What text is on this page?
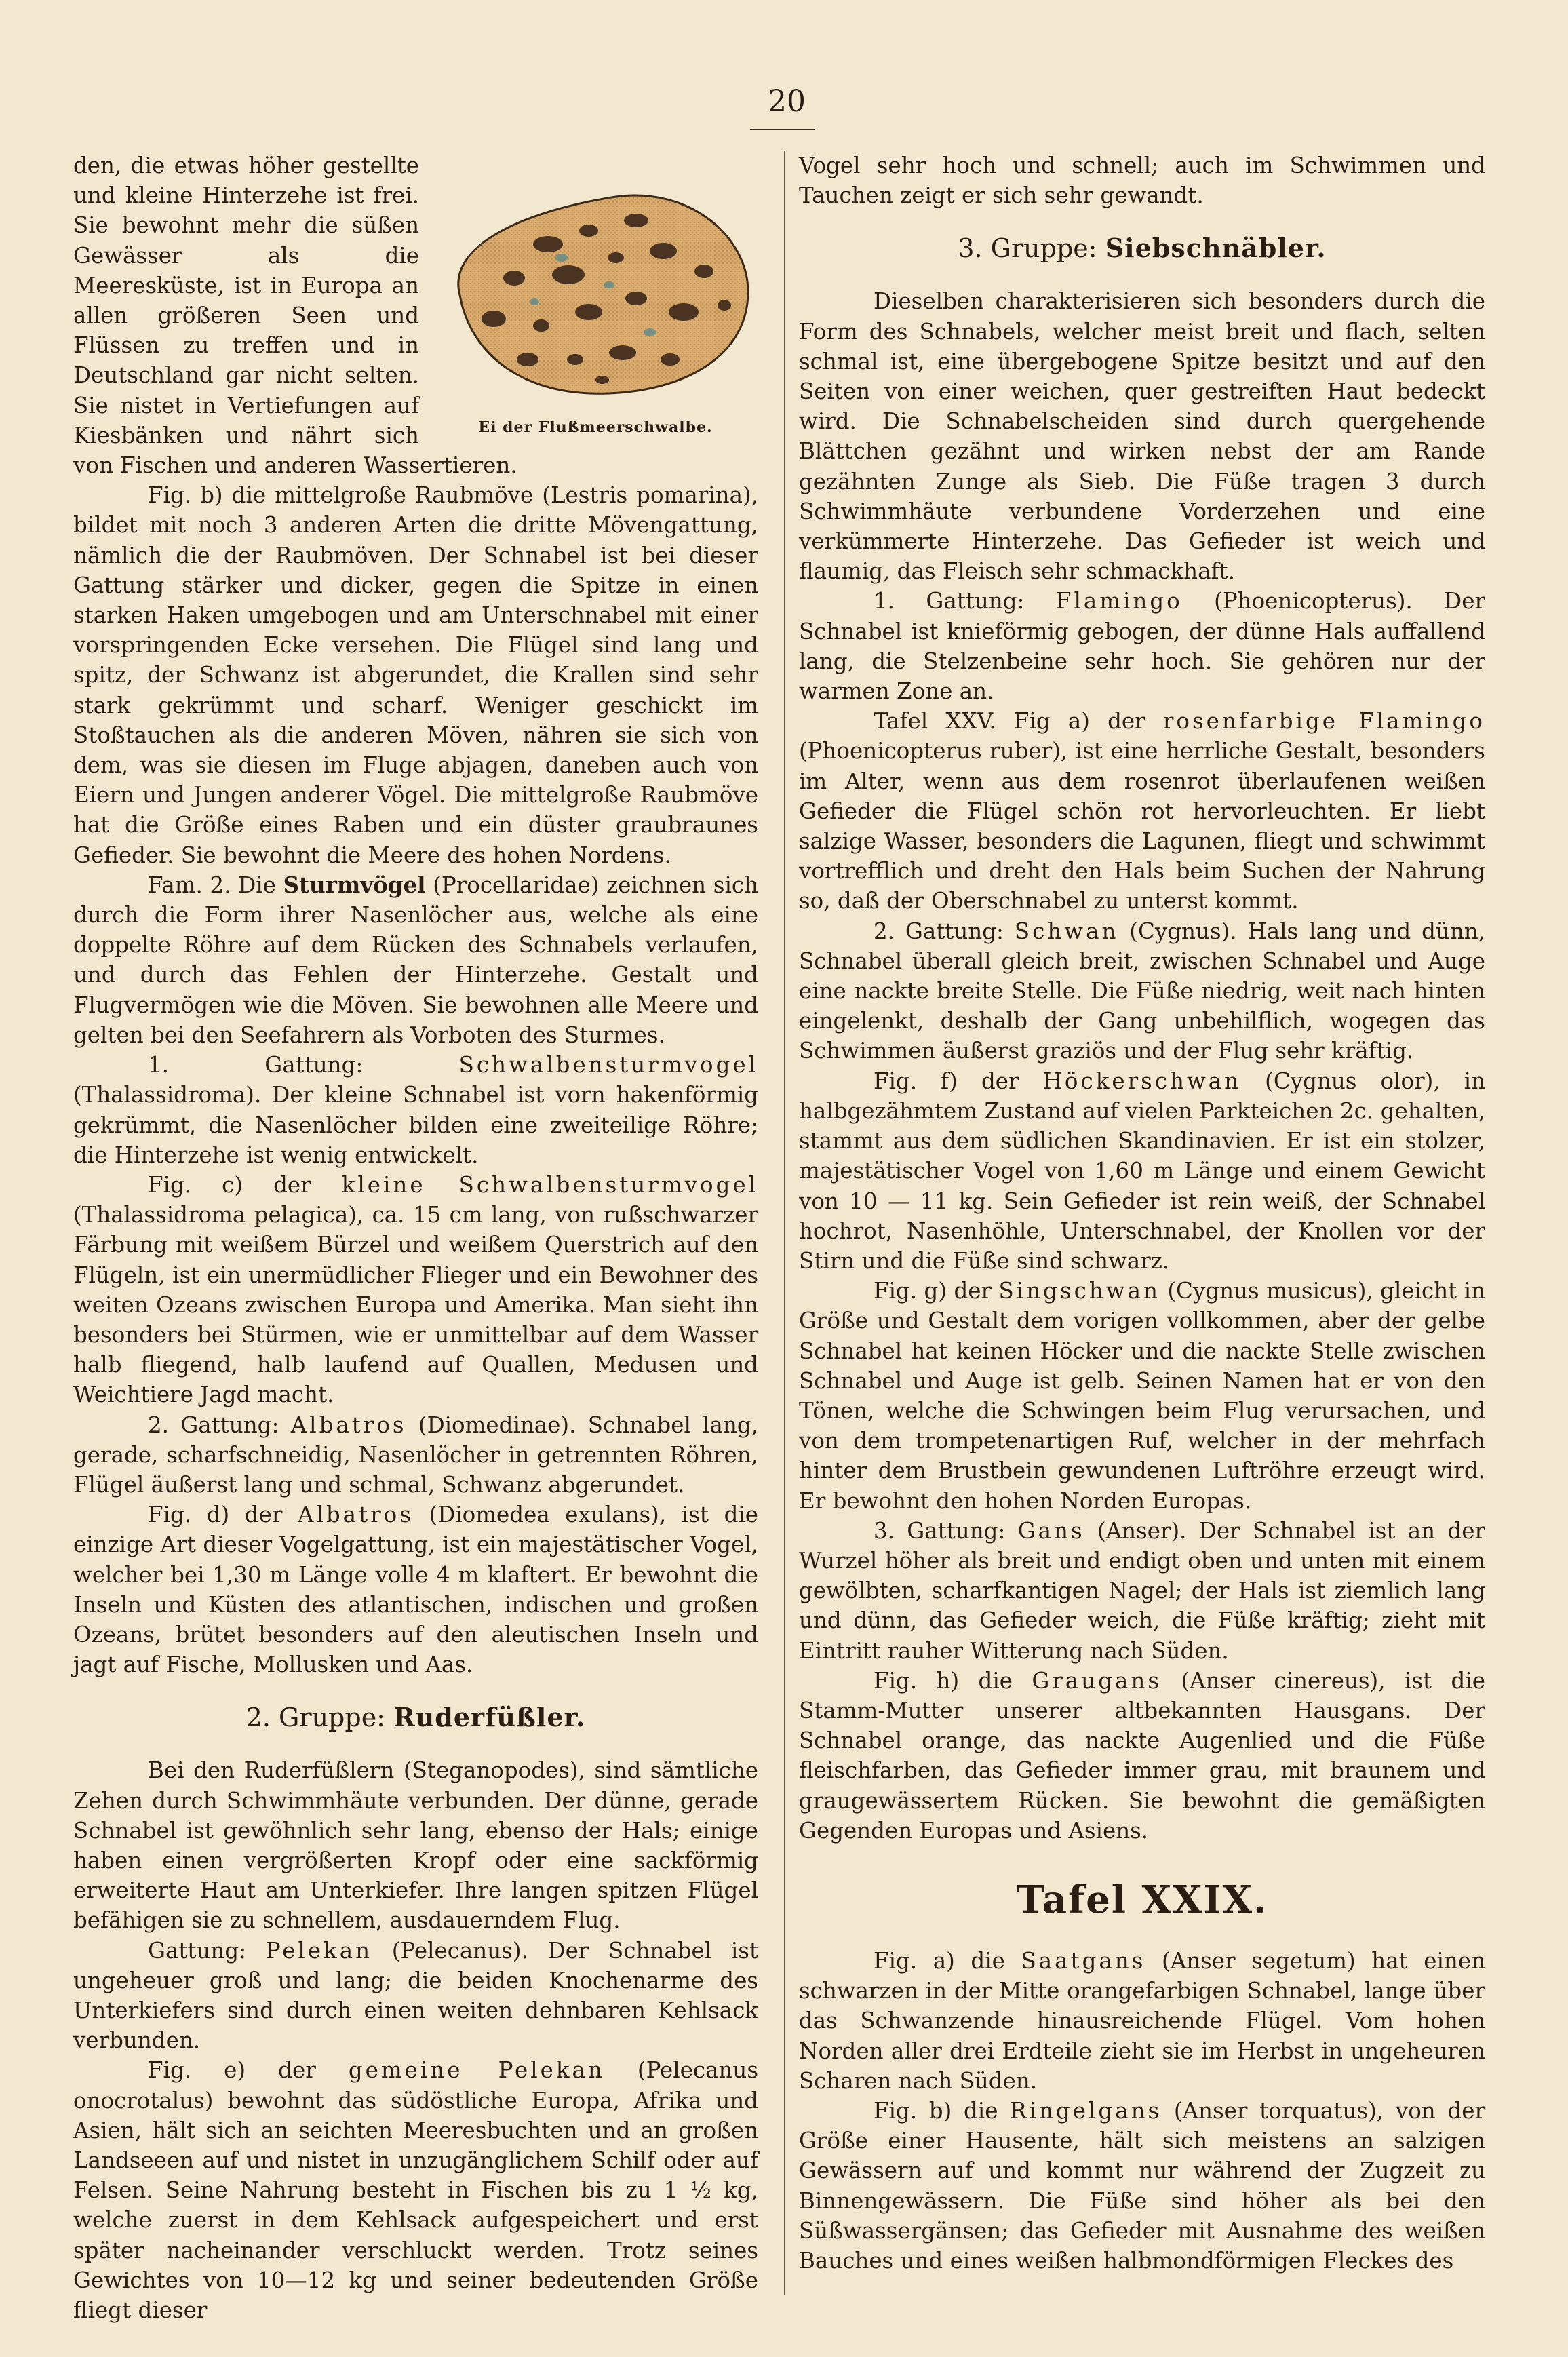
20
Ei der Flußmeerschwalbe.

den, die etwas höher gestellte und kleine Hinterzehe ist frei. Sie bewohnt mehr die süßen Gewässer als die Meeresküste, ist in Europa an allen größeren Seen und Flüssen zu treffen und in Deutschland gar nicht selten. Sie nistet in Vertiefungen auf Kiesbänken und nährt sich von Fischen und anderen Wassertieren.

Fig. b) die mittelgroße Raubmöve (Lestris pomarina), bildet mit noch 3 anderen Arten die dritte Mövengattung, nämlich die der Raubmöven. Der Schnabel ist bei dieser Gattung stärker und dicker, gegen die Spitze in einen starken Haken umgebogen und am Unterschnabel mit einer vorspringenden Ecke versehen. Die Flügel sind lang und spitz, der Schwanz ist abgerundet, die Krallen sind sehr stark gekrümmt und scharf. Weniger geschickt im Stoßtauchen als die anderen Möven, nähren sie sich von dem, was sie diesen im Fluge abjagen, daneben auch von Eiern und Jungen anderer Vögel. Die mittelgroße Raubmöve hat die Größe eines Raben und ein düster graubraunes Gefieder. Sie bewohnt die Meere des hohen Nordens.

Fam. 2. Die Sturmvögel (Procellaridae) zeichnen sich durch die Form ihrer Nasenlöcher aus, welche als eine doppelte Röhre auf dem Rücken des Schnabels verlaufen, und durch das Fehlen der Hinterzehe. Gestalt und Flugvermögen wie die Möven. Sie bewohnen alle Meere und gelten bei den Seefahrern als Vorboten des Sturmes.

1. Gattung: Schwalbensturmvogel (Thalassidroma). Der kleine Schnabel ist vorn hakenförmig gekrümmt, die Nasenlöcher bilden eine zweiteilige Röhre; die Hinterzehe ist wenig entwickelt.

Fig. c) der kleine Schwalbensturmvogel (Thalassidroma pelagica), ca. 15 cm lang, von rußschwarzer Färbung mit weißem Bürzel und weißem Querstrich auf den Flügeln, ist ein unermüdlicher Flieger und ein Bewohner des weiten Ozeans zwischen Europa und Amerika. Man sieht ihn besonders bei Stürmen, wie er unmittelbar auf dem Wasser halb fliegend, halb laufend auf Quallen, Medusen und Weichtiere Jagd macht.

2. Gattung: Albatros (Diomedinae). Schnabel lang, gerade, scharfschneidig, Nasenlöcher in getrennten Röhren, Flügel äußerst lang und schmal, Schwanz abgerundet.

Fig. d) der Albatros (Diomedea exulans), ist die einzige Art dieser Vogelgattung, ist ein majestätischer Vogel, welcher bei 1,30 m Länge volle 4 m klaftert. Er bewohnt die Inseln und Küsten des atlantischen, indischen und großen Ozeans, brütet besonders auf den aleutischen Inseln und jagt auf Fische, Mollusken und Aas.

2. Gruppe: Ruderfüßler.

Bei den Ruderfüßlern (Steganopodes), sind sämtliche Zehen durch Schwimmhäute verbunden. Der dünne, gerade Schnabel ist gewöhnlich sehr lang, ebenso der Hals; einige haben einen vergrößerten Kropf oder eine sackförmig erweiterte Haut am Unterkiefer. Ihre langen spitzen Flügel befähigen sie zu schnellem, ausdauerndem Flug.

Gattung: Pelekan (Pelecanus). Der Schnabel ist ungeheuer groß und lang; die beiden Knochenarme des Unterkiefers sind durch einen weiten dehnbaren Kehlsack verbunden.

Fig. e) der gemeine Pelekan (Pelecanus onocrotalus) bewohnt das südöstliche Europa, Afrika und Asien, hält sich an seichten Meeresbuchten und an großen Landseeen auf und nistet in unzugänglichem Schilf oder auf Felsen. Seine Nahrung besteht in Fischen bis zu 1 ½ kg, welche zuerst in dem Kehlsack aufgespeichert und erst später nacheinander verschluckt werden. Trotz seines Gewichtes von 10—12 kg und seiner bedeutenden Größe fliegt dieser

Vogel sehr hoch und schnell; auch im Schwimmen und Tauchen zeigt er sich sehr gewandt.

3. Gruppe: Siebschnäbler.

Dieselben charakterisieren sich besonders durch die Form des Schnabels, welcher meist breit und flach, selten schmal ist, eine übergebogene Spitze besitzt und auf den Seiten von einer weichen, quer gestreiften Haut bedeckt wird. Die Schnabelscheiden sind durch quergehende Blättchen gezähnt und wirken nebst der am Rande gezähnten Zunge als Sieb. Die Füße tragen 3 durch Schwimmhäute verbundene Vorderzehen und eine verkümmerte Hinterzehe. Das Gefieder ist weich und flaumig, das Fleisch sehr schmackhaft.

1. Gattung: Flamingo (Phoenicopterus). Der Schnabel ist knieförmig gebogen, der dünne Hals auffallend lang, die Stelzenbeine sehr hoch. Sie gehören nur der warmen Zone an.

Tafel XXV. Fig a) der rosenfarbige Flamingo (Phoenicopterus ruber), ist eine herrliche Gestalt, besonders im Alter, wenn aus dem rosenrot überlaufenen weißen Gefieder die Flügel schön rot hervorleuchten. Er liebt salzige Wasser, besonders die Lagunen, fliegt und schwimmt vortrefflich und dreht den Hals beim Suchen der Nahrung so, daß der Oberschnabel zu unterst kommt.

2. Gattung: Schwan (Cygnus). Hals lang und dünn, Schnabel überall gleich breit, zwischen Schnabel und Auge eine nackte breite Stelle. Die Füße niedrig, weit nach hinten eingelenkt, deshalb der Gang unbehilflich, wogegen das Schwimmen äußerst graziös und der Flug sehr kräftig.

Fig. f) der Höckerschwan (Cygnus olor), in halbgezähmtem Zustand auf vielen Parkteichen 2c. gehalten, stammt aus dem südlichen Skandinavien. Er ist ein stolzer, majestätischer Vogel von 1,60 m Länge und einem Gewicht von 10 — 11 kg. Sein Gefieder ist rein weiß, der Schnabel hochrot, Nasenhöhle, Unterschnabel, der Knollen vor der Stirn und die Füße sind schwarz.

Fig. g) der Singschwan (Cygnus musicus), gleicht in Größe und Gestalt dem vorigen vollkommen, aber der gelbe Schnabel hat keinen Höcker und die nackte Stelle zwischen Schnabel und Auge ist gelb. Seinen Namen hat er von den Tönen, welche die Schwingen beim Flug verursachen, und von dem trompetenartigen Ruf, welcher in der mehrfach hinter dem Brustbein gewundenen Luftröhre erzeugt wird. Er bewohnt den hohen Norden Europas.

3. Gattung: Gans (Anser). Der Schnabel ist an der Wurzel höher als breit und endigt oben und unten mit einem gewölbten, scharfkantigen Nagel; der Hals ist ziemlich lang und dünn, das Gefieder weich, die Füße kräftig; zieht mit Eintritt rauher Witterung nach Süden.

Fig. h) die Graugans (Anser cinereus), ist die Stamm-Mutter unserer altbekannten Hausgans. Der Schnabel orange, das nackte Augenlied und die Füße fleischfarben, das Gefieder immer grau, mit braunem und graugewässertem Rücken. Sie bewohnt die gemäßigten Gegenden Europas und Asiens.

Tafel XXIX.

Fig. a) die Saatgans (Anser segetum) hat einen schwarzen in der Mitte orangefarbigen Schnabel, lange über das Schwanzende hinausreichende Flügel. Vom hohen Norden aller drei Erdteile zieht sie im Herbst in ungeheuren Scharen nach Süden.

Fig. b) die Ringelgans (Anser torquatus), von der Größe einer Hausente, hält sich meistens an salzigen Gewässern auf und kommt nur während der Zugzeit zu Binnengewässern. Die Füße sind höher als bei den Süßwassergänsen; das Gefieder mit Ausnahme des weißen Bauches und eines weißen halbmondförmigen Fleckes des
